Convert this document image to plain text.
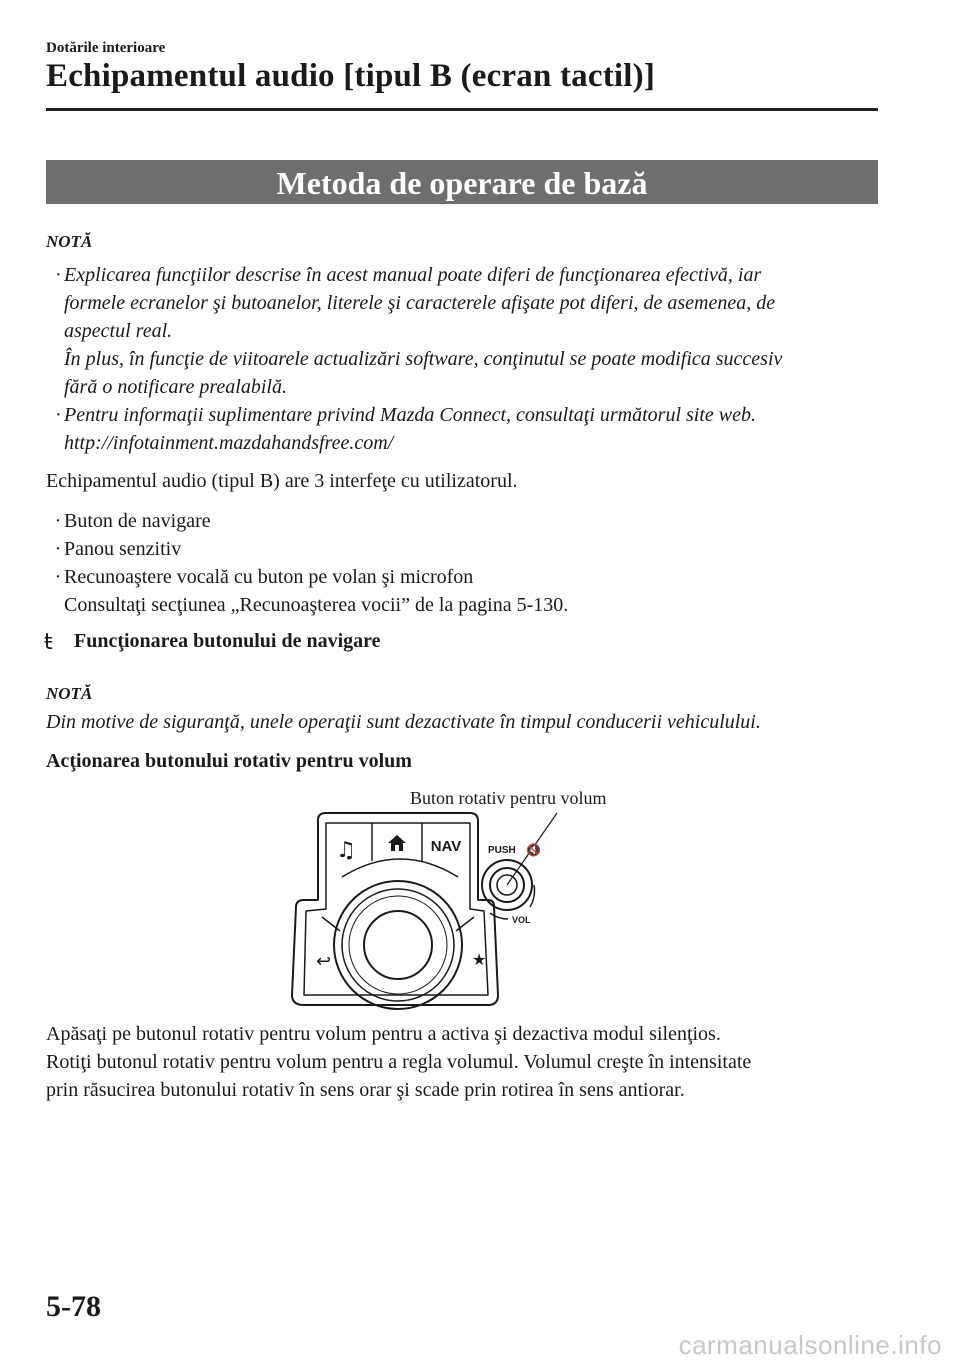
Dotările interioare
Echipamentul audio [tipul B (ecran tactil)]
Metoda de operare de bază
NOTĂ
· Explicarea funcţiilor descrise în acest manual poate diferi de funcţionarea efectivă, iar
formele ecranelor şi butoanelor, literele şi caracterele afişate pot diferi, de asemenea, de
aspectul real.
În plus, în funcţie de viitoarele actualizări software, conţinutul se poate modifica succesiv
fără o notificare prealabilă.
· Pentru informaţii suplimentare privind Mazda Connect, consultaţi următorul site web.
http://infotainment.mazdahandsfree.com/
Echipamentul audio (tipul B) are 3 interfeţe cu utilizatorul.
· Buton de navigare
· Panou senzitiv
· Recunoaştere vocală cu buton pe volan şi microfon
Consultaţi secţiunea „Recunoaşterea vocii” de la pagina 5-130.
ŧ Funcţionarea butonului de navigare
NOTĂ
Din motive de siguranţă, unele operaţii sunt dezactivate în timpul conducerii vehiculului.
Acţionarea butonului rotativ pentru volum
Buton rotativ pentru volum
♫	NAV	PUSH 🔇
VOL
↩	★
Apăsaţi pe butonul rotativ pentru volum pentru a activa şi dezactiva modul silenţios.
Rotiţi butonul rotativ pentru volum pentru a regla volumul. Volumul creşte în intensitate
prin răsucirea butonului rotativ în sens orar şi scade prin rotirea în sens antiorar.
5-78
carmanualsonline.info
